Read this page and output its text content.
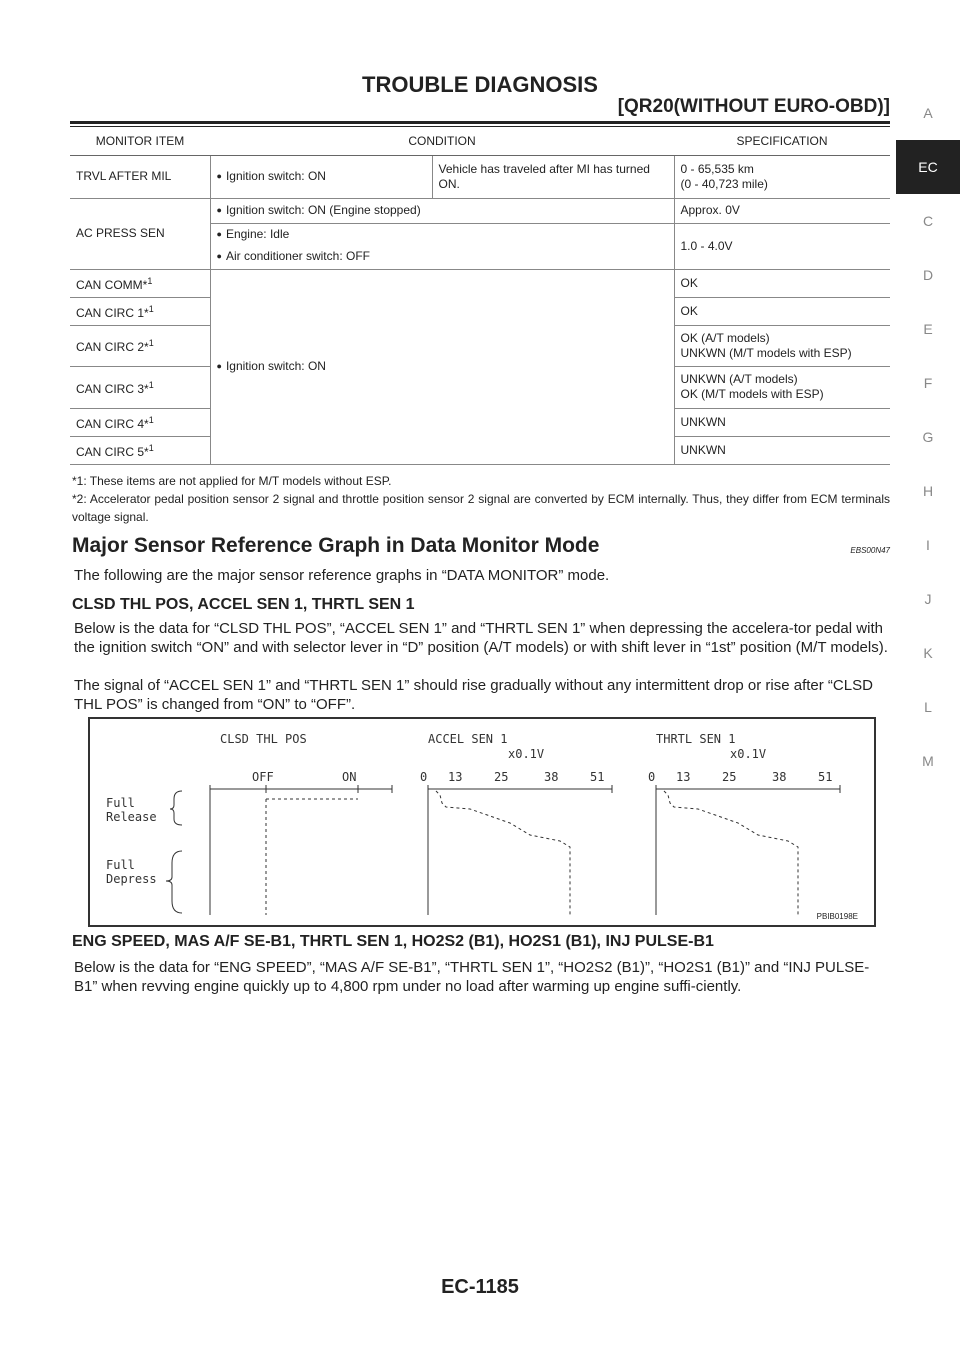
TROUBLE DIAGNOSIS
[QR20(WITHOUT EURO-OBD)]	A
EC
C
D
E
F
G
H
I
J
K
L
M
MONITOR ITEM	CONDITION		SPECIFICATION
TRVL AFTER MIL	● Ignition switch: ON	Vehicle has traveled after MI has turned ON.	0 - 65,535 km
(0 - 40,723 mile)

AC PRESS SEN	● Ignition switch: ON (Engine stopped)		Approx. 0V

	● Engine: Idle
● Air conditioner switch: OFF		1.0 - 4.0V
CAN COMM*$^1$	● Ignition switch: ON		OK
CAN CIRC 1*$^1$			OK
CAN CIRC 2*$^1$			OK (A/T models)
UNKWN (M/T models with ESP)

CAN CIRC 3*$^1$			UNKWN (A/T models)
OK (M/T models with ESP)

CAN CIRC 4*$^1$			UNKWN
CAN CIRC 5*$^1$			UNKWN
*1: These items are not applied for M/T models without ESP.
*2: Accelerator pedal position sensor 2 signal and throttle position sensor 2 signal are converted by ECM internally. Thus, they differ from ECM terminals voltage signal.
Major Sensor Reference Graph in Data Monitor Mode	EBS00N47
The following are the major sensor reference graphs in “DATA MONITOR” mode.
CLSD THL POS, ACCEL SEN 1, THRTL SEN 1
Below is the data for “CLSD THL POS”, “ACCEL SEN 1” and “THRTL SEN 1” when depressing the accelera-tor pedal with the ignition switch “ON” and with selector lever in “D” position (A/T models) or with shift lever in “1st” position (M/T models).
The signal of “ACCEL SEN 1” and “THRTL SEN 1” should rise gradually without any intermittent drop or rise after “CLSD THL POS” is changed from “ON” to “OFF”.
CLSD THL POS	ACCEL SEN 1	THRTL SEN 1
x0.1V	x0.1V
OFF	ON	0 13	25	38	51	0 13	25	38	51
Full
Release
Full
Depress
PBIB0198E
ENG SPEED, MAS A/F SE-B1, THRTL SEN 1, HO2S2 (B1), HO2S1 (B1), INJ PULSE-B1
Below is the data for “ENG SPEED”, “MAS A/F SE-B1”, “THRTL SEN 1”, “HO2S2 (B1)”, “HO2S1 (B1)” and “INJ PULSE-B1” when revving engine quickly up to 4,800 rpm under no load after warming up engine suffi-ciently.
EC-1185
